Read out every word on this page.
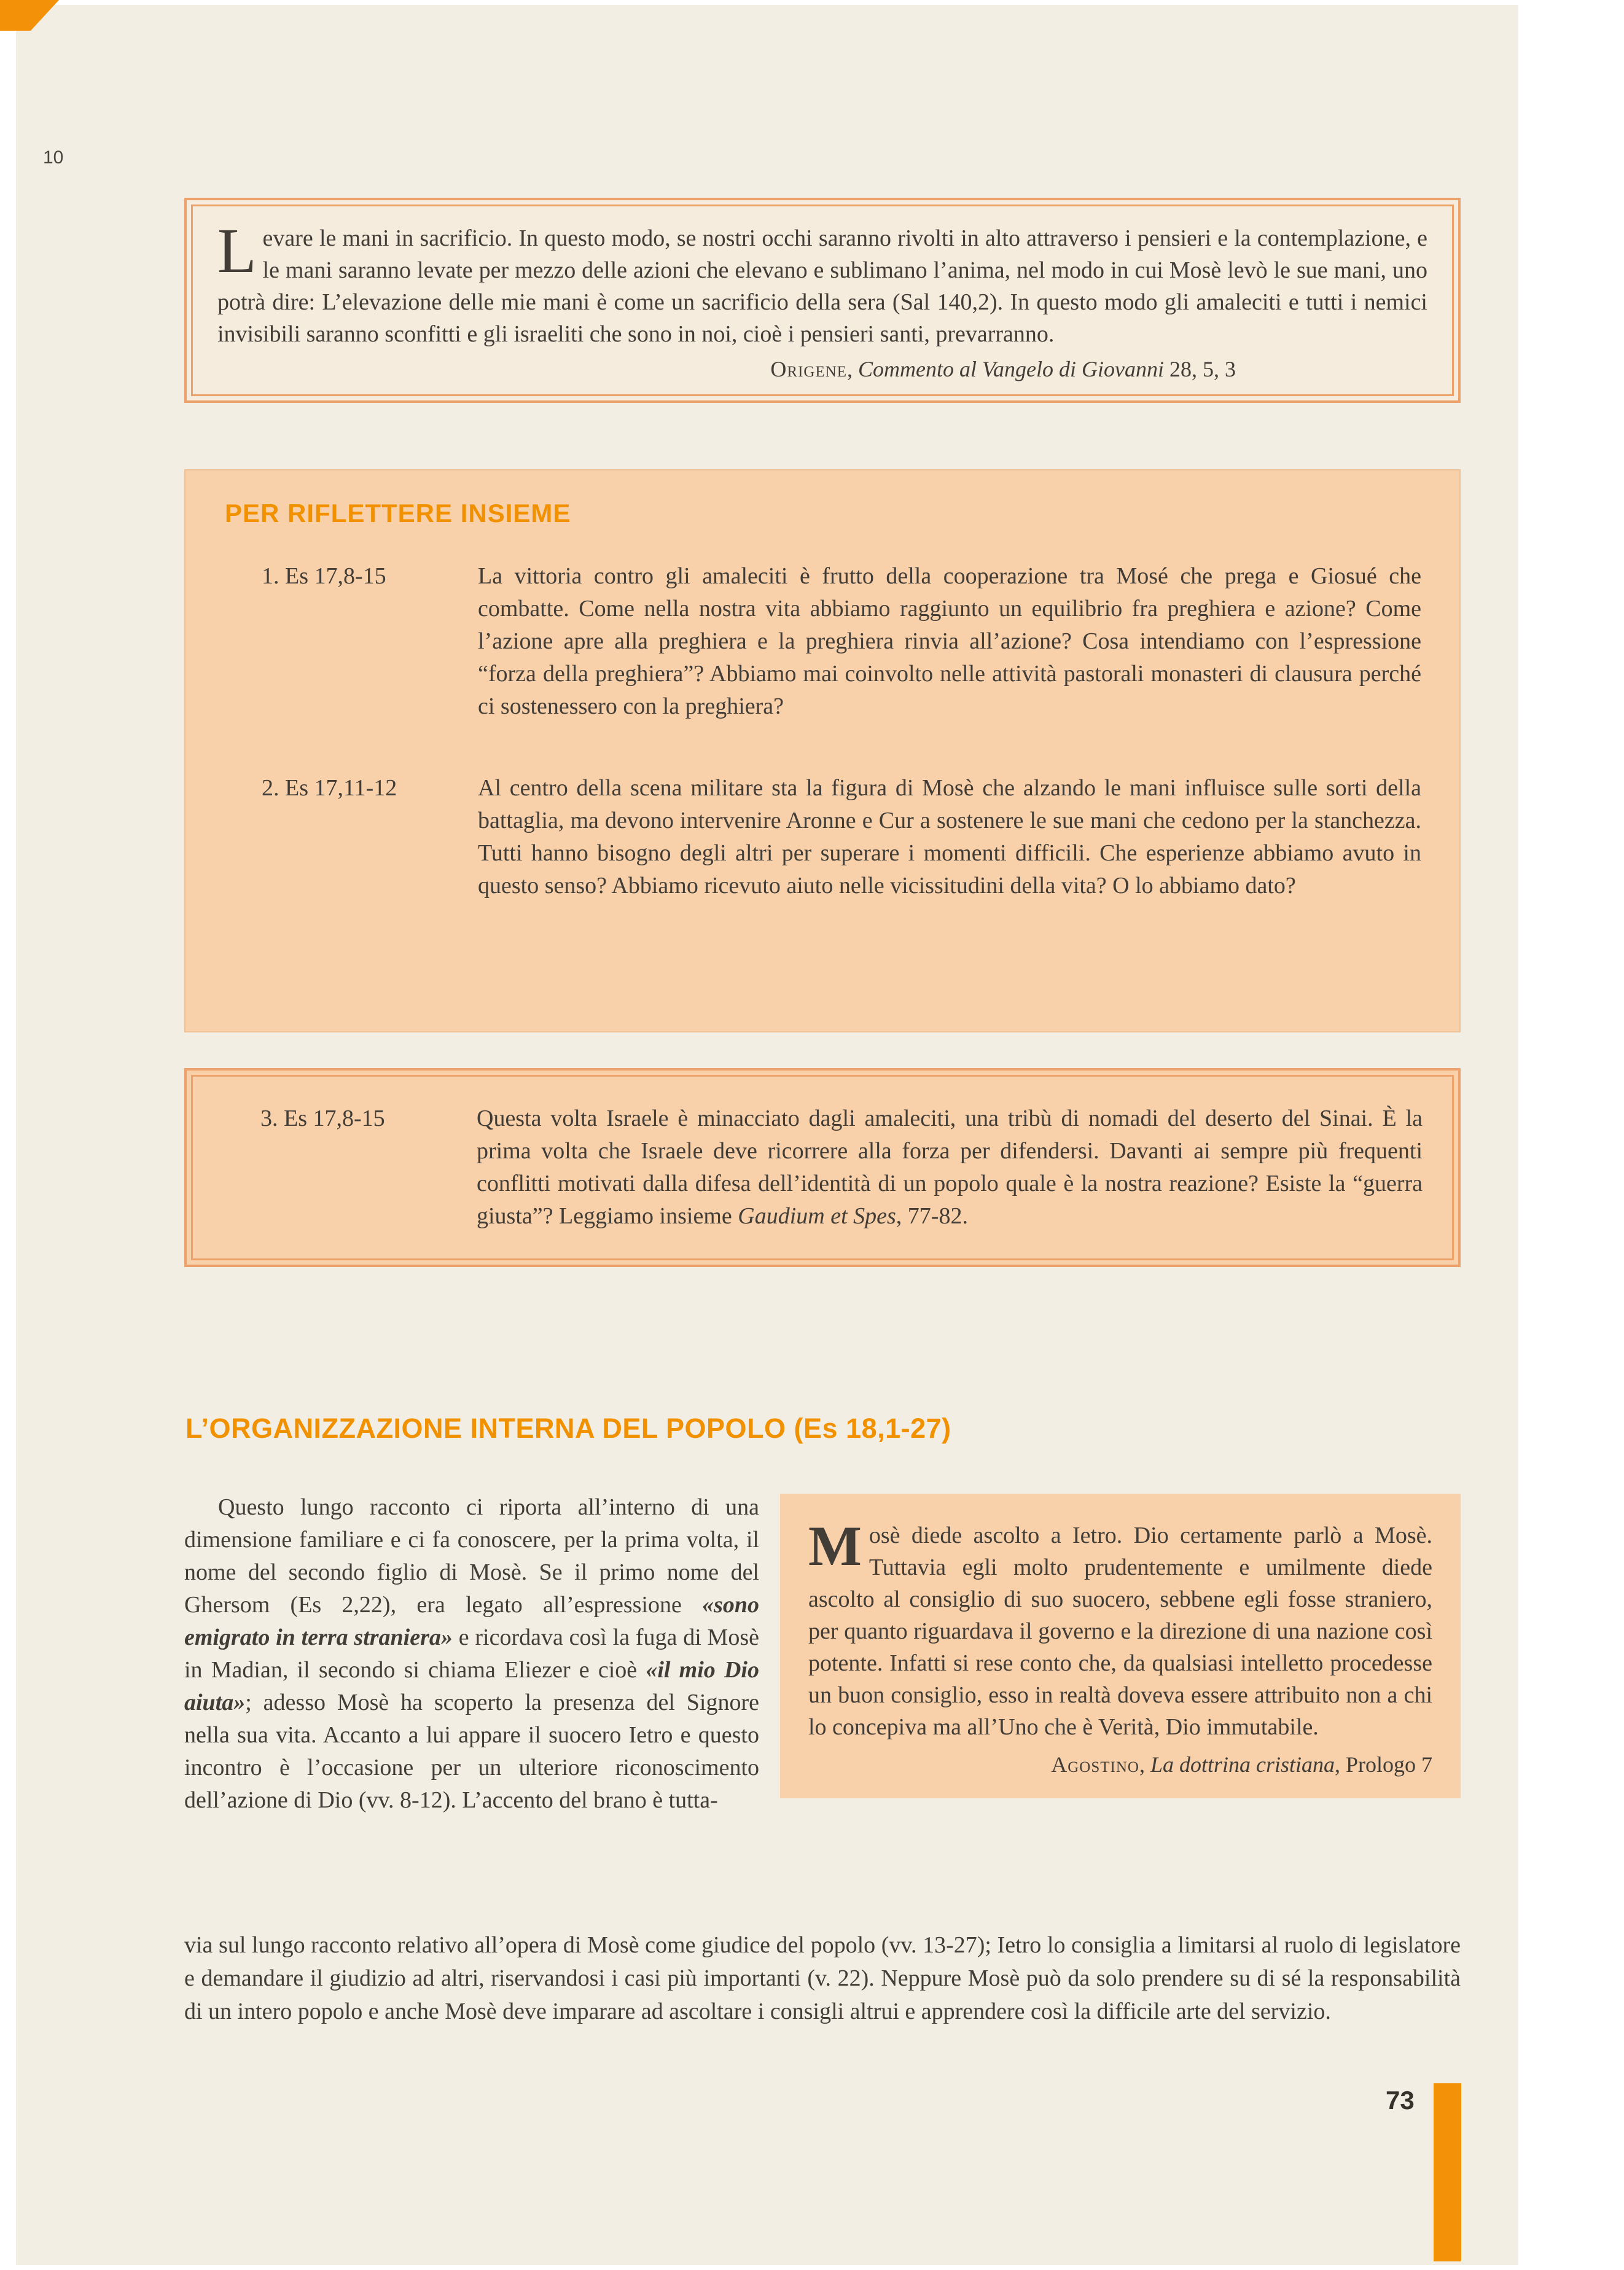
10

Levare le mani in sacrificio. In questo modo, se nostri occhi saranno rivolti in alto attraverso i pensieri e la contemplazione, e le mani saranno levate per mezzo delle azioni che elevano e sublimano l’anima, nel modo in cui Mosè levò le sue mani, uno potrà dire: L’elevazione delle mie mani è come un sacrificio della sera (Sal 140,2). In questo modo gli amaleciti e tutti i nemici invisibili saranno sconfitti e gli israeliti che sono in noi, cioè i pensieri santi, prevarranno.

Origene, Commento al Vangelo di Giovanni 28, 5, 3

PER RIFLETTERE INSIEME
1. Es 17,8-15	La vittoria contro gli amaleciti è frutto della cooperazione tra Mosé che prega e Giosué che combatte. Come nella nostra vita abbiamo raggiunto un equilibrio fra preghiera e azione? Come l’azione apre alla preghiera e la preghiera rinvia all’azione? Cosa intendiamo con l’espressione “forza della preghiera”? Abbiamo mai coinvolto nelle attività pastorali monasteri di clausura perché ci sostenessero con la preghiera?
2. Es 17,11-12	Al centro della scena militare sta la figura di Mosè che alzando le mani influisce sulle sorti della battaglia, ma devono intervenire Aronne e Cur a sostenere le sue mani che cedono per la stanchezza. Tutti hanno bisogno degli altri per superare i momenti difficili. Che esperienze abbiamo avuto in questo senso? Abbiamo ricevuto aiuto nelle vicissitudini della vita? O lo abbiamo dato?
3. Es 17,8-15	Questa volta Israele è minacciato dagli amaleciti, una tribù di nomadi del deserto del Sinai. È la prima volta che Israele deve ricorrere alla forza per difendersi. Davanti ai sempre più frequenti conflitti motivati dalla difesa dell’identità di un popolo quale è la nostra reazione? Esiste la “guerra giusta”? Leggiamo insieme Gaudium et Spes, 77-82.
L’ORGANIZZAZIONE INTERNA DEL POPOLO (Es 18,1-27)

Questo lungo racconto ci riporta all’interno di una dimensione familiare e ci fa conoscere, per la prima volta, il nome del secondo figlio di Mosè. Se il primo nome del Ghersom (Es 2,22), era legato all’espressione «sono emigrato in terra straniera» e ricordava così la fuga di Mosè in Madian, il secondo si chiama Eliezer e cioè «il mio Dio aiuta»; adesso Mosè ha scoperto la presenza del Signore nella sua vita. Accanto a lui appare il suocero Ietro e questo incontro è l’occasione per un ulteriore riconoscimento dell’azione di Dio (vv. 8-12). L’accento del brano è tutta-

Mosè diede ascolto a Ietro. Dio certamente parlò a Mosè. Tuttavia egli molto prudentemente e umilmente diede ascolto al consiglio di suo suocero, sebbene egli fosse straniero, per quanto riguardava il governo e la direzione di una nazione così potente. Infatti si rese conto che, da qualsiasi intelletto procedesse un buon consiglio, esso in realtà doveva essere attribuito non a chi lo concepiva ma all’Uno che è Verità, Dio immutabile.

Agostino, La dottrina cristiana, Prologo 7

via sul lungo racconto relativo all’opera di Mosè come giudice del popolo (vv. 13-27); Ietro lo consiglia a limitarsi al ruolo di legislatore e demandare il giudizio ad altri, riservandosi i casi più importanti (v. 22). Neppure Mosè può da solo prendere su di sé la responsabilità di un intero popolo e anche Mosè deve imparare ad ascoltare i consigli altrui e apprendere così la difficile arte del servizio.

73
